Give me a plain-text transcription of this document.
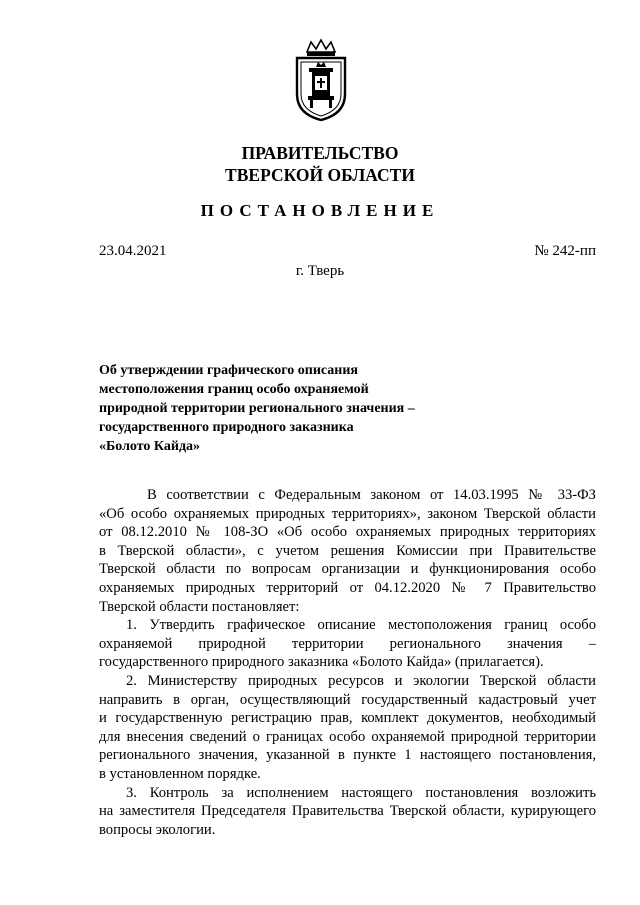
ПРАВИТЕЛЬСТВО
ТВЕРСКОЙ ОБЛАСТИ
ПОСТАНОВЛЕНИЕ
23.04.2021	№ 242-пп
г. Тверь
Об утверждении графического описания
местоположения границ особо охраняемой
природной территории регионального значения –
государственного природного заказника
«Болото Кайда»
В соответствии с Федеральным законом от 14.03.1995 № 33-ФЗ
«Об особо охраняемых природных территориях», законом Тверской области
от 08.12.2010 № 108-ЗО «Об особо охраняемых природных территориях
в Тверской области», с учетом решения Комиссии при Правительстве
Тверской области по вопросам организации и функционирования особо
охраняемых природных территорий от 04.12.2020 № 7 Правительство
Тверской области постановляет:
1. Утвердить графическое описание местоположения границ особо
охраняемой природной территории регионального значения –
государственного природного заказника «Болото Кайда» (прилагается).
2. Министерству природных ресурсов и экологии Тверской области
направить в орган, осуществляющий государственный кадастровый учет
и государственную регистрацию прав, комплект документов, необходимый
для внесения сведений о границах особо охраняемой природной территории
регионального значения, указанной в пункте 1 настоящего постановления,
в установленном порядке.
3. Контроль за исполнением настоящего постановления возложить
на заместителя Председателя Правительства Тверской области, курирующего
вопросы экологии.
